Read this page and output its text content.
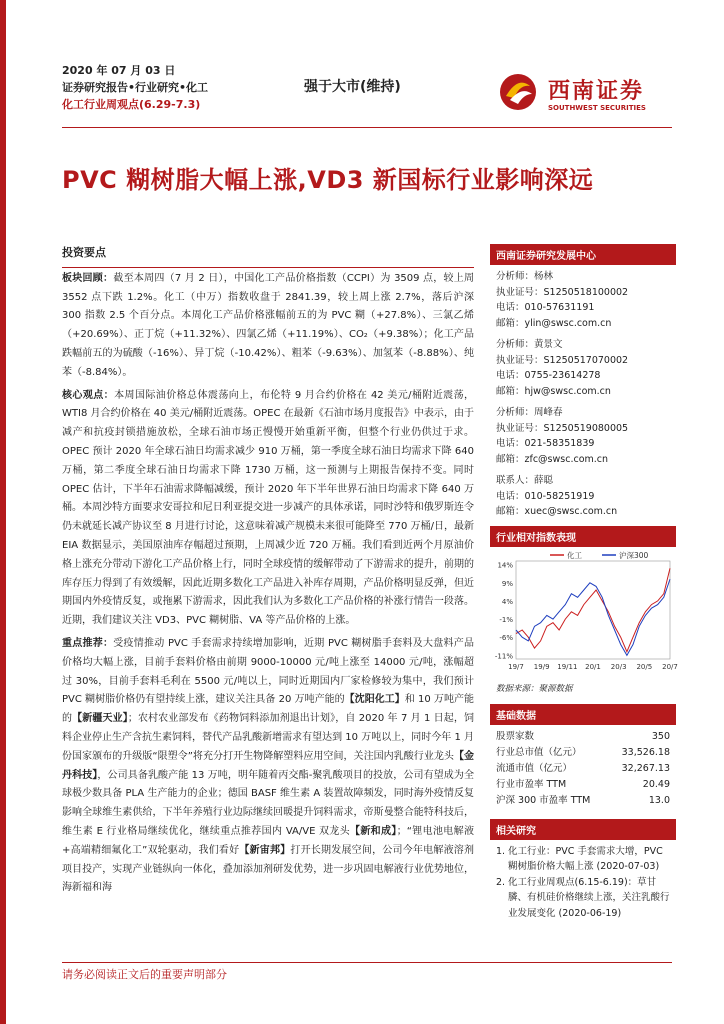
2020 年 07 月 03 日
证券研究报告•行业研究•化工
化工行业周观点(6.29-7.3)
强于大市(维持)	西南证券
SOUTHWEST SECURITIES
PVC 糊树脂大幅上涨,VD3 新国标行业影响深远
投资要点

板块回顾：截至本周四（7 月 2 日），中国化工产品价格指数（CCPI）为 3509 点，较上周 3552 点下跌 1.2%。化工（中万）指数收盘于 2841.39，较上周上涨 2.7%，落后沪深 300 指数 2.5 个百分点。本周化工产品价格涨幅前五的为 PVC 糊（+27.8%）、三氯乙烯（+20.69%）、正丁烷（+11.32%）、四氯乙烯（+11.19%）、CO₂（+9.38%）；化工产品跌幅前五的为硫酸（-16%）、异丁烷（-10.42%）、粗苯（-9.63%）、加氢苯（-8.88%）、纯苯（-8.84%）。

核心观点：本周国际油价格总体震荡向上，布伦特 9 月合约价格在 42 美元/桶附近震荡，WTI8 月合约价格在 40 美元/桶附近震荡。OPEC 在最新《石油市场月度报告》中表示，由于减产和抗疫封锁措施放松，全球石油市场正慢慢开始重新平衡，但整个行业仍供过于求。OPEC 预计 2020 年全球石油日均需求减少 910 万桶，第一季度全球石油日均需求下降 640 万桶，第二季度全球石油日均需求下降 1730 万桶，这一预测与上期报告保持不变。同时 OPEC 估计，下半年石油需求降幅减缓，预计 2020 年下半年世界石油日均需求下降 640 万桶。本周沙特方面要求安哥拉和尼日利亚提交进一步减产的具体承诺，同时沙特和俄罗斯连令仍未就延长减产协议至 8 月进行讨论，这意味着减产规模未来很可能降至 770 万桶/日，最新 EIA 数据显示，美国原油库存幅超过预期，上周减少近 720 万桶。我们看到近两个月原油价格上涨充分带动下游化工产品价格上行，同时全球疫情的缓解带动了下游需求的提升，前期的库存压力得到了有效缓解，因此近期多数化工产品进入补库存周期，产品价格明显反弹，但近期国内外疫情反复，或拖累下游需求，因此我们认为多数化工产品价格的补涨行情告一段落。近期，我们建议关注 VD3、PVC 糊树脂、VA 等产品价格的上涨。

重点推荐：受疫情推动 PVC 手套需求持续增加影响，近期 PVC 糊树脂手套料及大盘料产品价格均大幅上涨，目前手套料价格由前期 9000-10000 元/吨上涨至 14000 元/吨，涨幅超过 30%，目前手套料毛利在 5500 元/吨以上，同时近期国内厂家检修较为集中，我们预计 PVC 糊树脂价格仍有望持续上涨，建议关注具备 20 万吨产能的【沈阳化工】和 10 万吨产能的【新疆天业】；农村农业部发布《药物饲料添加剂退出计划》，自 2020 年 7 月 1 日起，饲料企业停止生产含抗生素饲料，替代产品乳酸新增需求有望达到 10 万吨以上，同时今年 1 月份国家颁布的升级版“限塑令”将充分打开生物降解塑料应用空间，关注国内乳酸行业龙头【金丹科技】，公司具备乳酸产能 13 万吨，明年随着丙交酯-聚乳酸项目的投放，公司有望成为全球极少数具备 PLA 生产能力的企业；德国 BASF 维生素 A 装置故障频发，同时海外疫情反复影响全球维生素供给，下半年养殖行业边际继续回暖提升饲料需求，帝斯曼整合能特科技后，维生素 E 行业格局继续优化，继续重点推荐国内 VA/VE 双龙头【新和成】；“锂电池电解液+高端精细氟化工”双轮驱动，我们看好【新宙邦】打开长期发展空间，公司今年电解液溶剂项目投产，实现产业链纵向一体化，叠加添加剂研发优势，进一步巩固电解液行业优势地位，海新福和海

西南证券研究发展中心
分析师：杨林
执业证号：S1250518100002
电话：010-57631191
邮箱：ylin@swsc.com.cn
分析师：黄景文
执业证号：S1250517070002
电话：0755-23614278
邮箱：hjw@swsc.com.cn
分析师：周峰春
执业证号：S1250519080005
电话：021-58351839
邮箱：zfc@swsc.com.cn
联系人：薛聪
电话：010-58251919
邮箱：xuec@swsc.com.cn
行业相对指数表现
14%
9%
4%
-1%
-6%
-11%
19/7 19/9 19/11 20/1 20/3 20/5 20/7
化工	沪深300
数据来源：聚源数据
基础数据
股票家数	350
行业总市值（亿元）	33,526.18
流通市值（亿元）	32,267.13
行业市盈率 TTM	20.49
沪深 300 市盈率 TTM	13.0
相关研究
1. 化工行业：PVC 手套需求大增，PVC 糊树脂价格大幅上涨 (2020-07-03)
2. 化工行业周观点(6.15-6.19)：草甘膦、有机硅价格继续上涨，关注乳酸行业发展变化 (2020-06-19)
请务必阅读正文后的重要声明部分
